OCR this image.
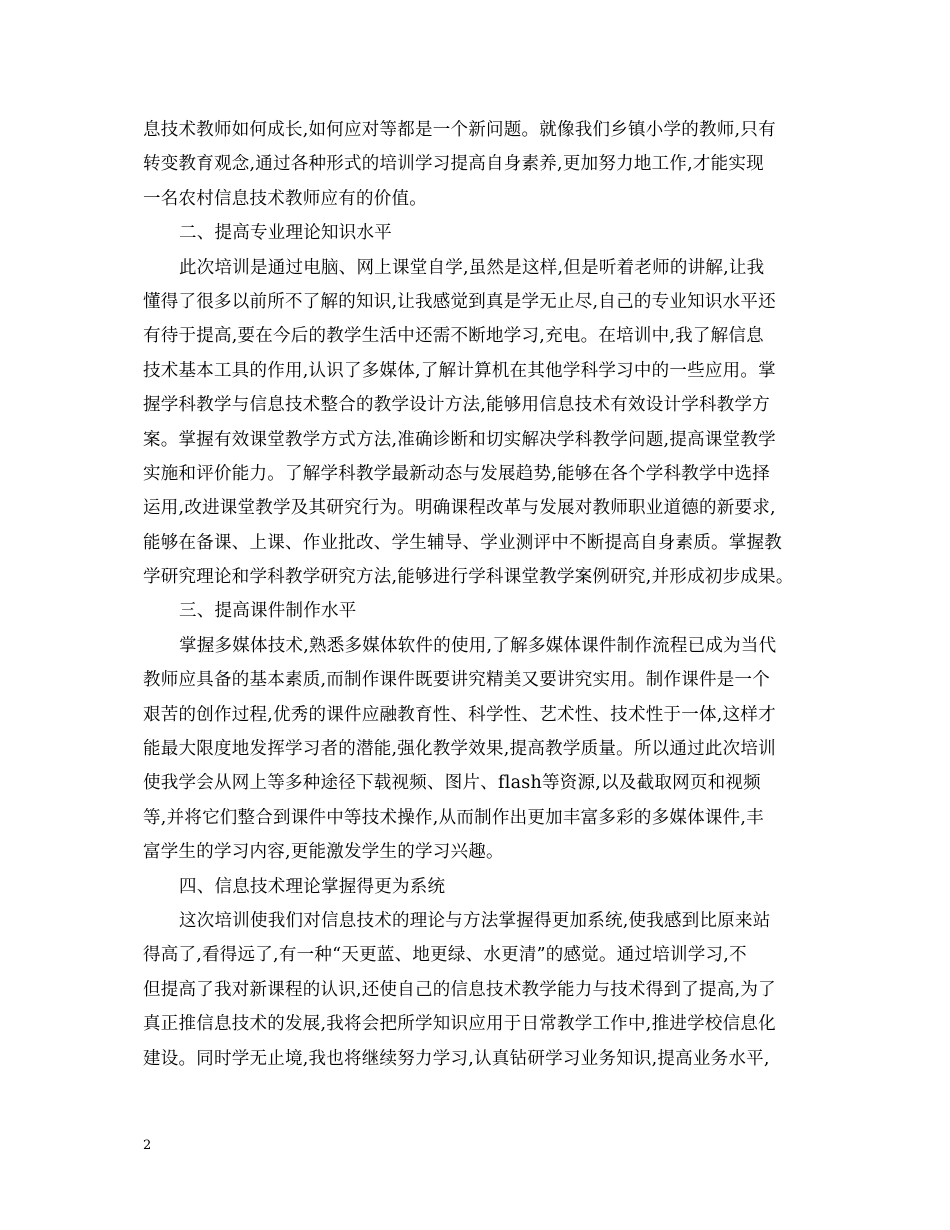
息技术教师如何成长,如何应对等都是一个新问题。就像我们乡镇小学的教师,只有
转变教育观念,通过各种形式的培训学习提高自身素养,更加努力地工作,才能实现
一名农村信息技术教师应有的价值。
二、提高专业理论知识水平
此次培训是通过电脑、网上课堂自学,虽然是这样,但是听着老师的讲解,让我
懂得了很多以前所不了解的知识,让我感觉到真是学无止尽,自己的专业知识水平还
有待于提高,要在今后的教学生活中还需不断地学习,充电。在培训中,我了解信息
技术基本工具的作用,认识了多媒体,了解计算机在其他学科学习中的一些应用。掌
握学科教学与信息技术整合的教学设计方法,能够用信息技术有效设计学科教学方
案。掌握有效课堂教学方式方法,准确诊断和切实解决学科教学问题,提高课堂教学
实施和评价能力。了解学科教学最新动态与发展趋势,能够在各个学科教学中选择
运用,改进课堂教学及其研究行为。明确课程改革与发展对教师职业道德的新要求,
能够在备课、上课、作业批改、学生辅导、学业测评中不断提高自身素质。掌握教
学研究理论和学科教学研究方法,能够进行学科课堂教学案例研究,并形成初步成果。
三、提高课件制作水平
掌握多媒体技术,熟悉多媒体软件的使用,了解多媒体课件制作流程已成为当代
教师应具备的基本素质,而制作课件既要讲究精美又要讲究实用。制作课件是一个
艰苦的创作过程,优秀的课件应融教育性、科学性、艺术性、技术性于一体,这样才
能最大限度地发挥学习者的潜能,强化教学效果,提高教学质量。所以通过此次培训
使我学会从网上等多种途径下载视频、图片、flash等资源,以及截取网页和视频
等,并将它们整合到课件中等技术操作,从而制作出更加丰富多彩的多媒体课件,丰
富学生的学习内容,更能激发学生的学习兴趣。
四、信息技术理论掌握得更为系统
这次培训使我们对信息技术的理论与方法掌握得更加系统,使我感到比原来站
得高了,看得远了,有一种“天更蓝、地更绿、水更清”的感觉。通过培训学习,不
但提高了我对新课程的认识,还使自己的信息技术教学能力与技术得到了提高,为了
真正推信息技术的发展,我将会把所学知识应用于日常教学工作中,推进学校信息化
建设。同时学无止境,我也将继续努力学习,认真钻研学习业务知识,提高业务水平,
2
